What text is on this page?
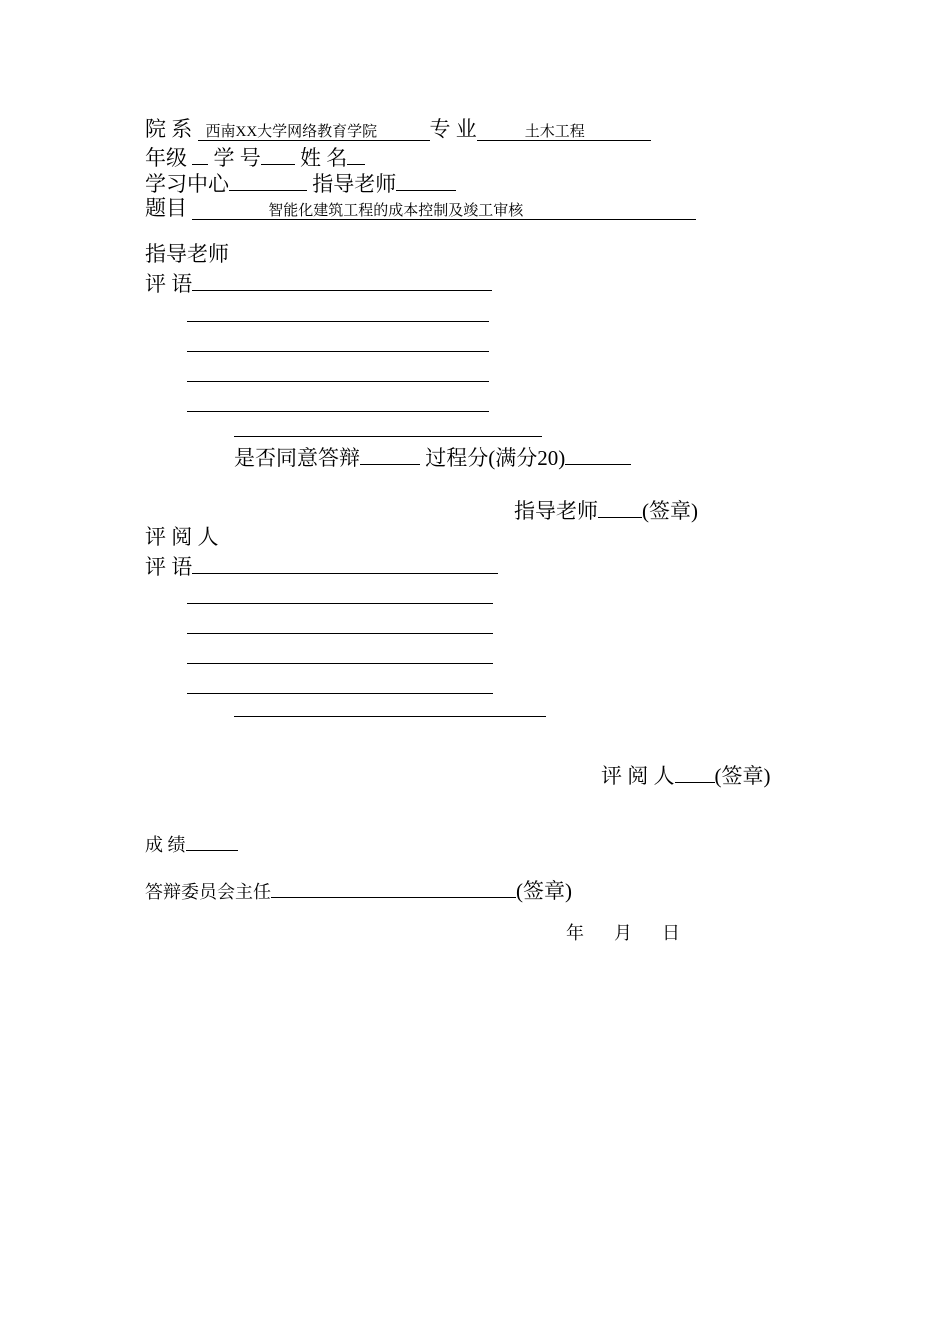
院 系 西南XX大学网络教育学院 专 业	土木工程
年级 学 号 姓 名
学习中心	指导老师
题目	智能化建筑工程的成本控制及竣工审核
指导老师
评 语
是否同意答辩	过程分(满分20)
指导老师 (签章)
评 阅 人
评 语
评 阅 人 (签章)
成 绩
答辩委员会主任	(签章)
年 月 日
